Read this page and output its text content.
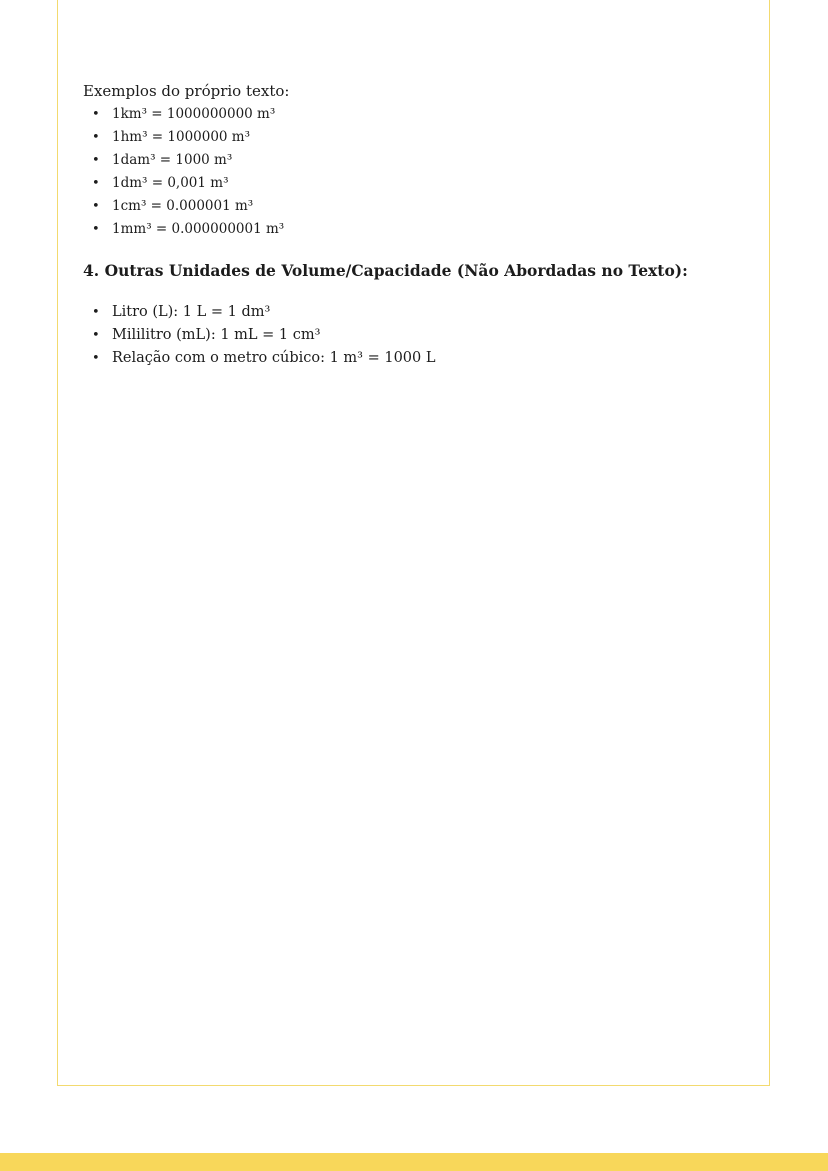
Exemplos do próprio texto:

• 1km³ = 1000000000 m³
• 1hm³ = 1000000 m³
• 1dam³ = 1000 m³
• 1dm³ = 0,001 m³
• 1cm³ = 0.000001 m³
• 1mm³ = 0.000000001 m³
4. Outras Unidades de Volume/Capacidade (Não Abordadas no Texto):
• Litro (L): 1 L = 1 dm³
• Mililitro (mL): 1 mL = 1 cm³
• Relação com o metro cúbico: 1 m³ = 1000 L
